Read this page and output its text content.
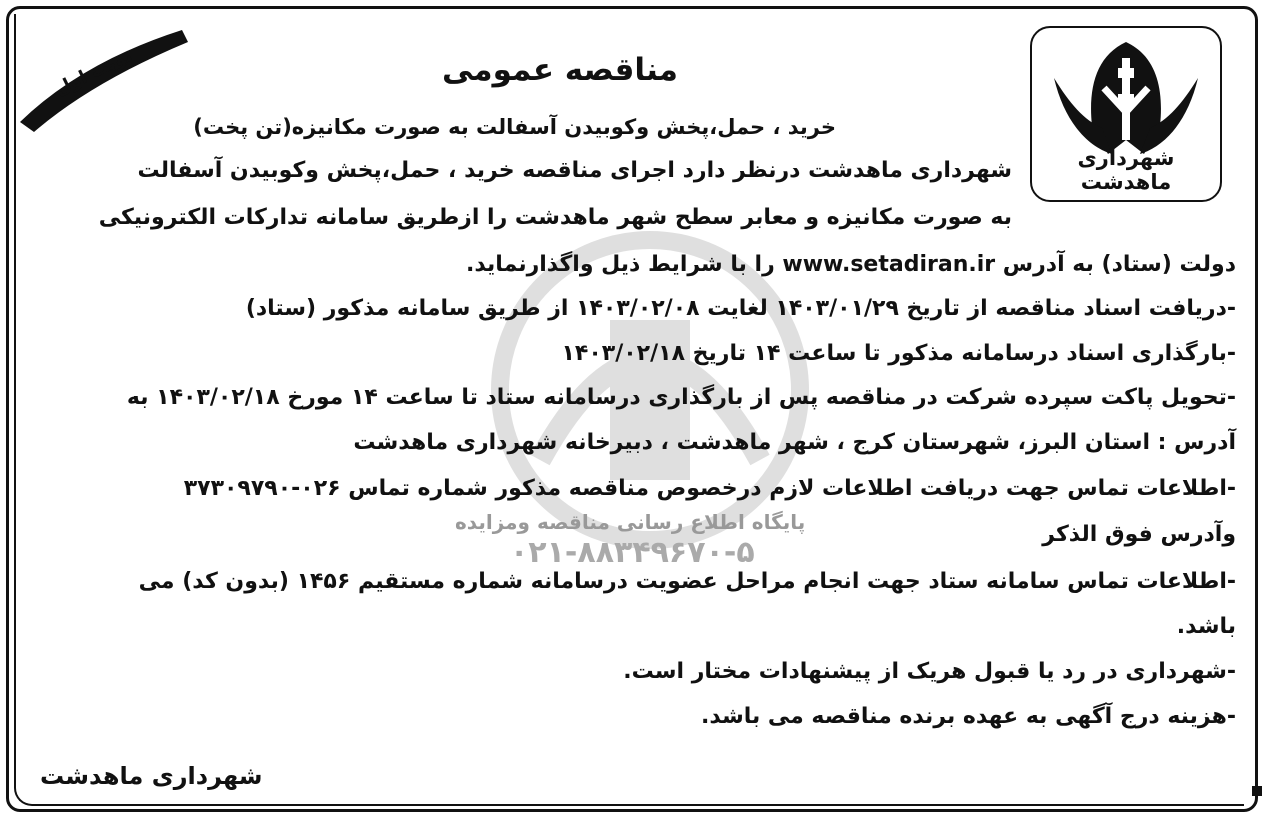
پایگاه اطلاع رسانی مناقصه ومزایده
۰۲۱-۸۸۳۴۹۶۷۰-۵
نوبت اول
شهرداری ماهدشت
مناقصه عمومی
خرید ، حمل،پخش وکوبیدن آسفالت به صورت مکانیزه(تن پخت)
شهرداری ماهدشت درنظر دارد اجرای مناقصه خرید ، حمل،پخش وکوبیدن آسفالت
به صورت مکانیزه و معابر سطح شهر ماهدشت را ازطریق سامانه تدارکات الکترونیکی
دولت (ستاد) به آدرس www.setadiran.ir را با شرایط ذیل واگذارنماید.
-دریافت اسناد مناقصه از تاریخ ۱۴۰۳/۰۱/۲۹ لغایت ۱۴۰۳/۰۲/۰۸ از طریق سامانه مذکور (ستاد)
-بارگذاری اسناد درسامانه مذکور تا ساعت ۱۴ تاریخ ۱۴۰۳/۰۲/۱۸
-تحویل پاکت سپرده شرکت در مناقصه پس از بارگذاری درسامانه ستاد تا ساعت ۱۴ مورخ ۱۴۰۳/۰۲/۱۸ به
آدرس : استان البرز، شهرستان کرج ، شهر ماهدشت ، دبیرخانه شهرداری ماهدشت
-اطلاعات تماس جهت دریافت اطلاعات لازم درخصوص مناقصه مذکور شماره تماس ۰۲۶-۳۷۳۰۹۷۹۰
وآدرس فوق الذکر
-اطلاعات تماس سامانه ستاد جهت انجام مراحل عضویت درسامانه شماره مستقیم ۱۴۵۶ (بدون کد) می
باشد.
-شهرداری در رد یا قبول هریک از پیشنهادات مختار است.
-هزینه درج آگهی به عهده برنده مناقصه می باشد.
شهرداری ماهدشت
